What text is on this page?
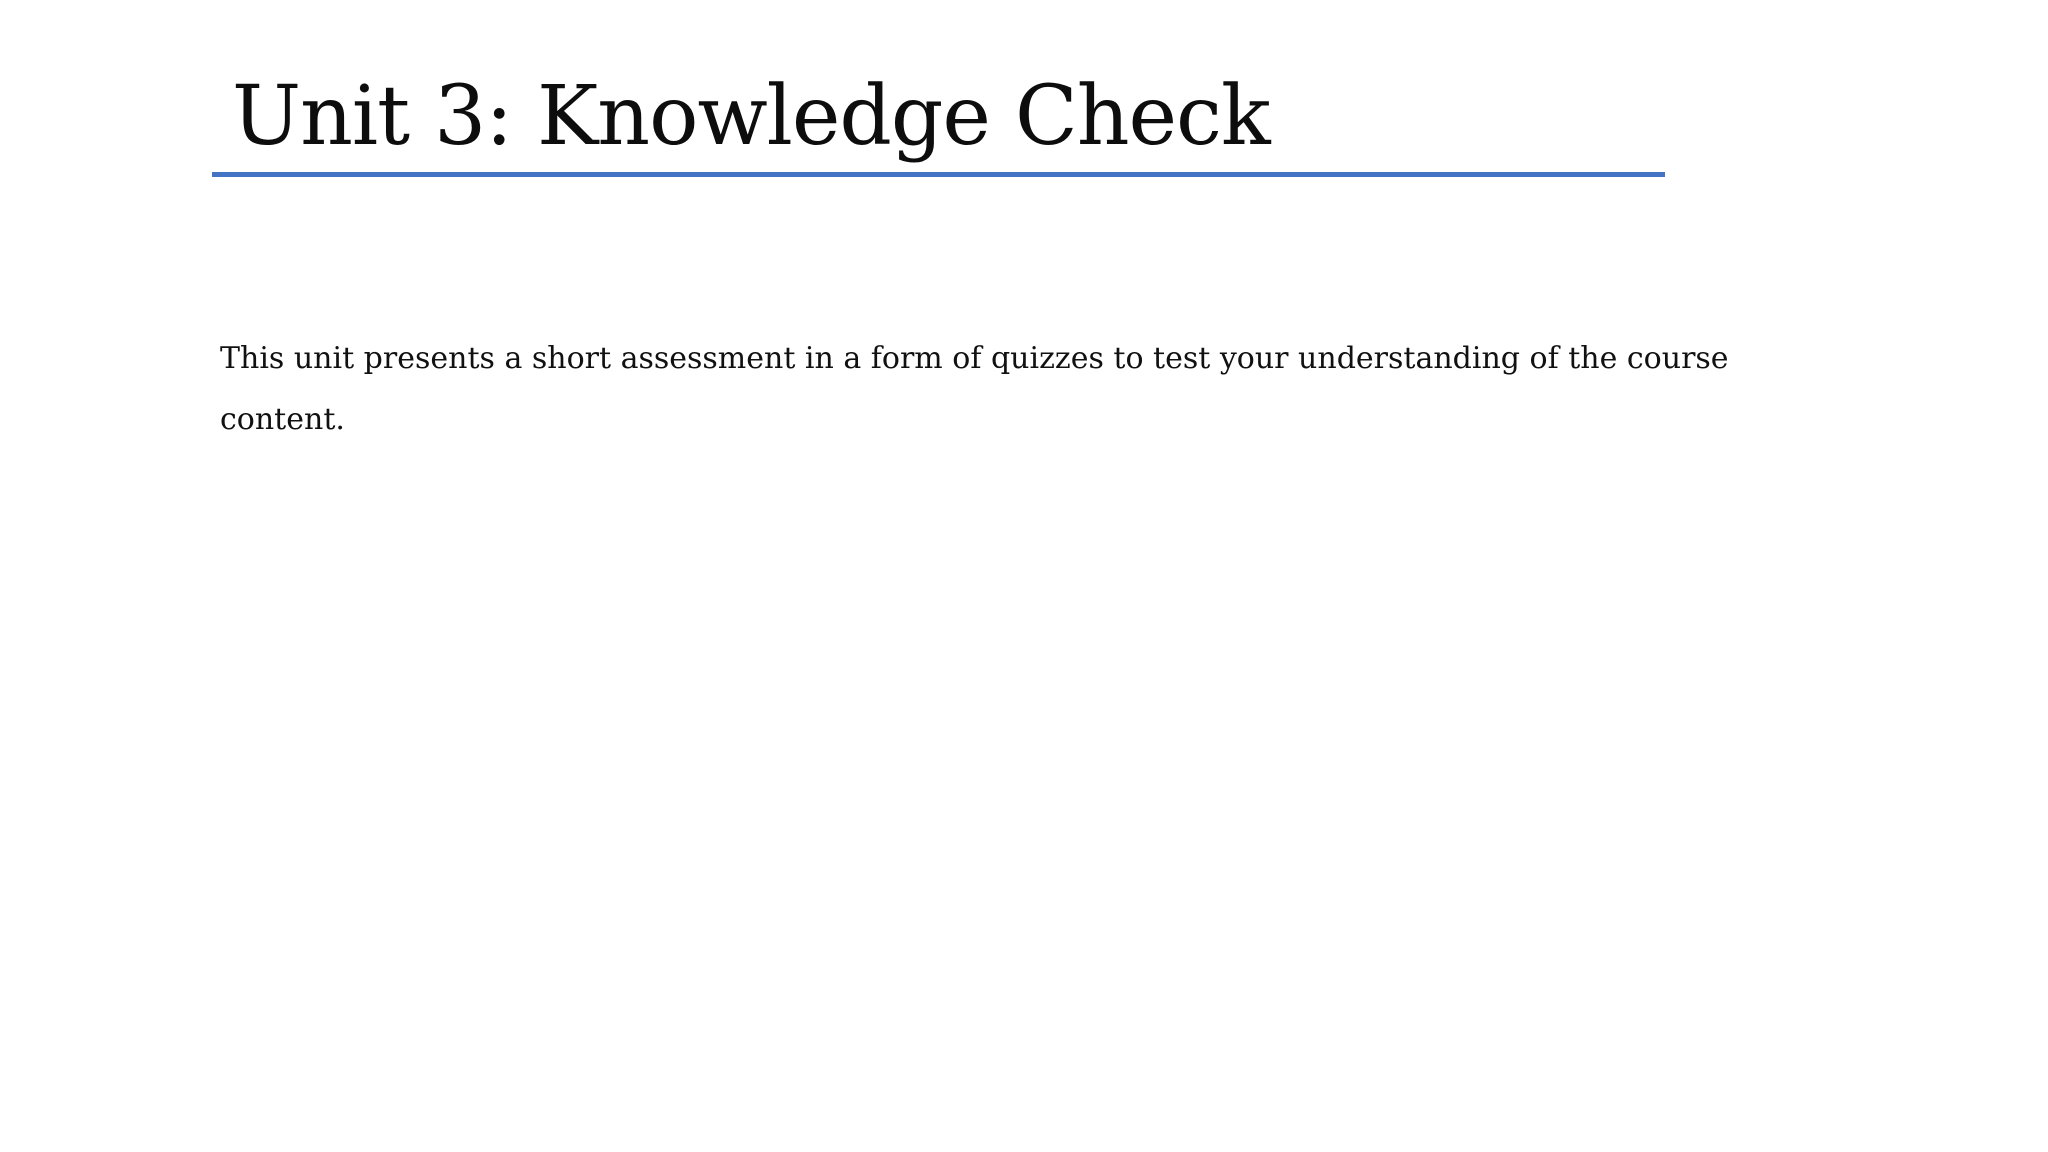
Unit 3: Knowledge Check

This unit presents a short assessment in a form of quizzes to test your understanding of the course content.
